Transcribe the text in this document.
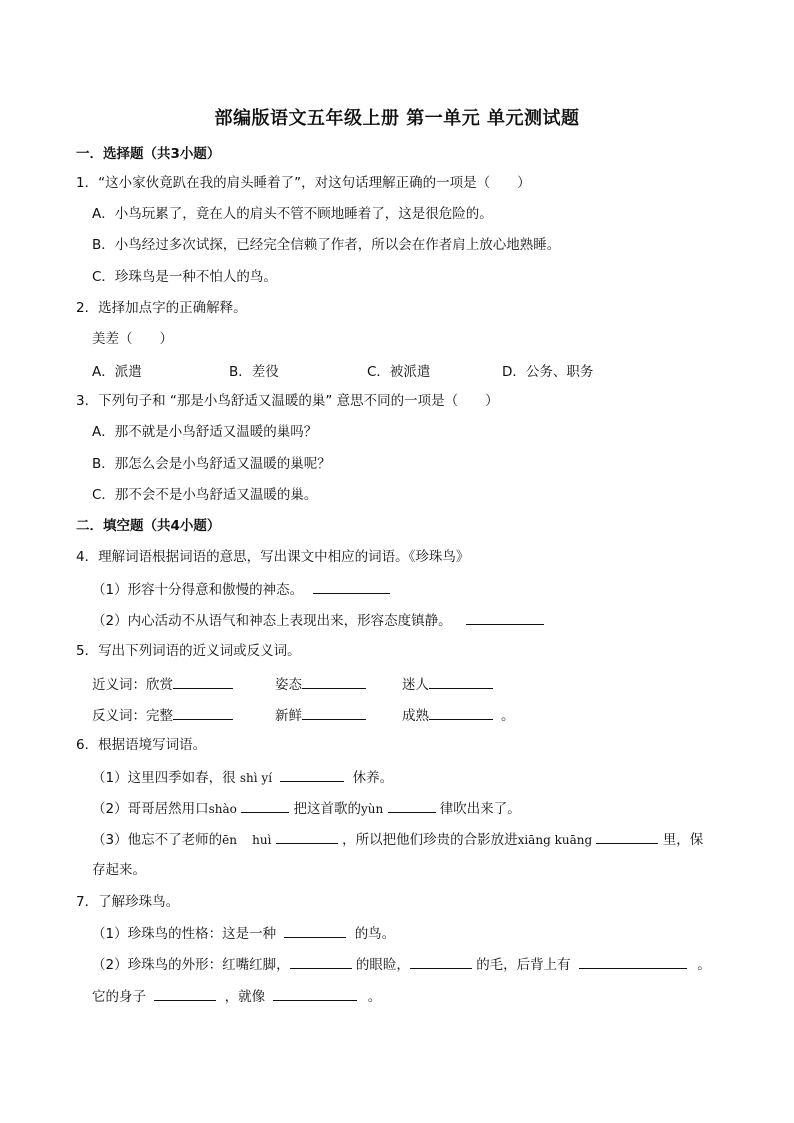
部编版语文五年级上册 第一单元 单元测试题
一．选择题（共3小题）
1．“这小家伙竟趴在我的肩头睡着了”，对这句话理解正确的一项是（　　）
A．小鸟玩累了，竟在人的肩头不管不顾地睡着了，这是很危险的。
B．小鸟经过多次试探，已经完全信赖了作者，所以会在作者肩上放心地熟睡。
C．珍珠鸟是一种不怕人的鸟。
2．选择加点字的正确解释。
美差（　　）
A．派遣	B．差役	C．被派遣	D．公务、职务
3．下列句子和 “那是小鸟舒适又温暖的巢” 意思不同的一项是（　　）
A．那不就是小鸟舒适又温暖的巢吗？
B．那怎么会是小鸟舒适又温暖的巢呢？
C．那不会不是小鸟舒适又温暖的巢。
二．填空题（共4小题）
4．理解词语根据词语的意思，写出课文中相应的词语。《珍珠鸟》
（1）形容十分得意和傲慢的神态。
（2）内心活动不从语气和神态上表现出来，形容态度镇静。
5．写出下列词语的近义词或反义词。
近义词：欣赏	姿态	迷人
反义词：完整	新鲜	成熟	。
6．根据语境写词语。
（1）这里四季如春，很 shì yí	休养。
（2）哥哥居然用口shào	把这首歌的yùn	律吹出来了。
（3）他忘不了老师的ēn    huì	，所以把他们珍贵的合影放进xiāng kuāng	里，保
存起来。
7．了解珍珠鸟。
（1）珍珠鸟的性格：这是一种	的鸟。
（2）珍珠鸟的外形：红嘴红脚，	的眼睑，	的毛，后背上有	。
它的身子	，就像	。
